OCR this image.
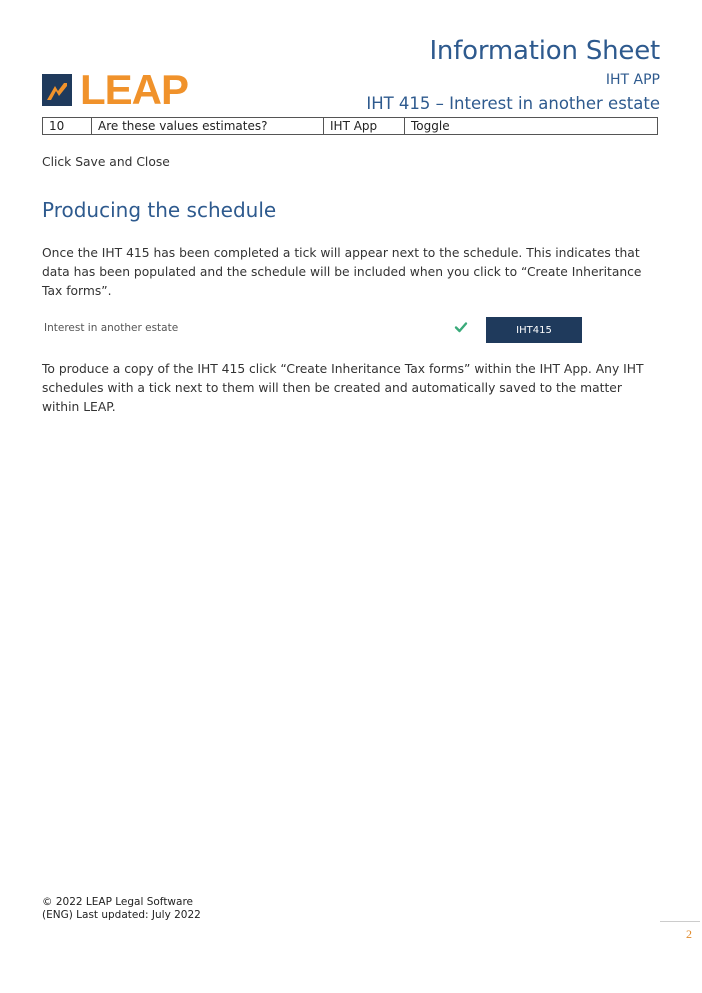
Information Sheet
IHT APP
IHT 415 – Interest in another estate
LEAP
10	Are these values estimates?	IHT App	Toggle
Click Save and Close
Producing the schedule
Once the IHT 415 has been completed a tick will appear next to the schedule. This indicates that data has been populated and the schedule will be included when you click to “Create Inheritance Tax forms”.
Interest in another estate	IHT415
To produce a copy of the IHT 415 click “Create Inheritance Tax forms” within the IHT App. Any IHT schedules with a tick next to them will then be created and automatically saved to the matter within LEAP.
© 2022 LEAP Legal Software
(ENG) Last updated: July 2022
2
